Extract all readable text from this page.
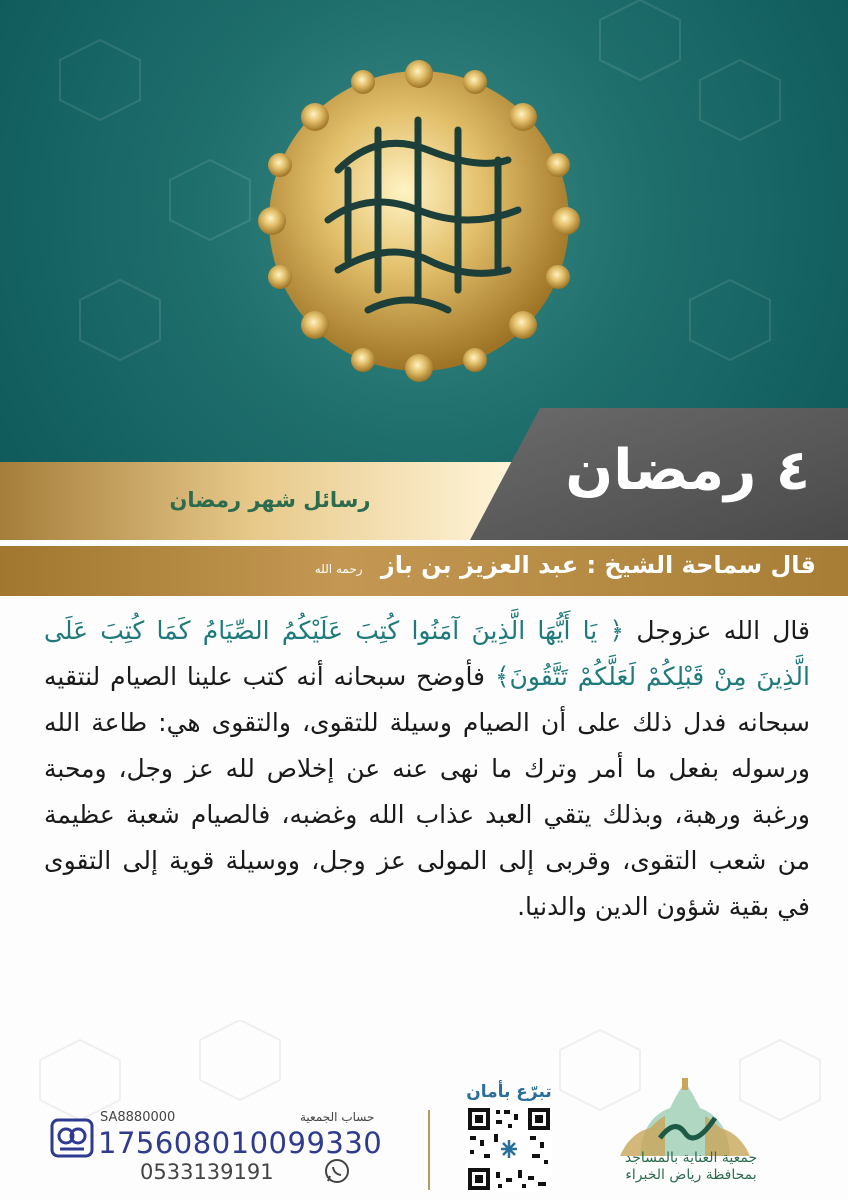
٤ رمضان
رسائل شهر رمضان
قال سماحة الشيخ : عبد العزيز بن باز رحمه الله
قال الله عزوجل ﴿ يَا أَيُّهَا الَّذِينَ آمَنُوا كُتِبَ عَلَيْكُمُ الصِّيَامُ كَمَا كُتِبَ عَلَى الَّذِينَ مِنْ قَبْلِكُمْ لَعَلَّكُمْ تَتَّقُونَ﴾ فأوضح سبحانه أنه كتب علينا الصيام لنتقيه سبحانه فدل ذلك على أن الصيام وسيلة للتقوى، والتقوى هي: طاعة الله ورسوله بفعل ما أمر وترك ما نهى عنه عن إخلاص لله عز وجل، ومحبة ورغبة ورهبة، وبذلك يتقي العبد عذاب الله وغضبه، فالصيام شعبة عظيمة من شعب التقوى، وقربى إلى المولى عز وجل، ووسيلة قوية إلى التقوى في بقية شؤون الدين والدنيا.
حساب الجمعية
SA8880000
175608010099330
0533139191
تبرّع بأمان
جمعية العناية بالمساجد
بمحافظة رياض الخبراء
